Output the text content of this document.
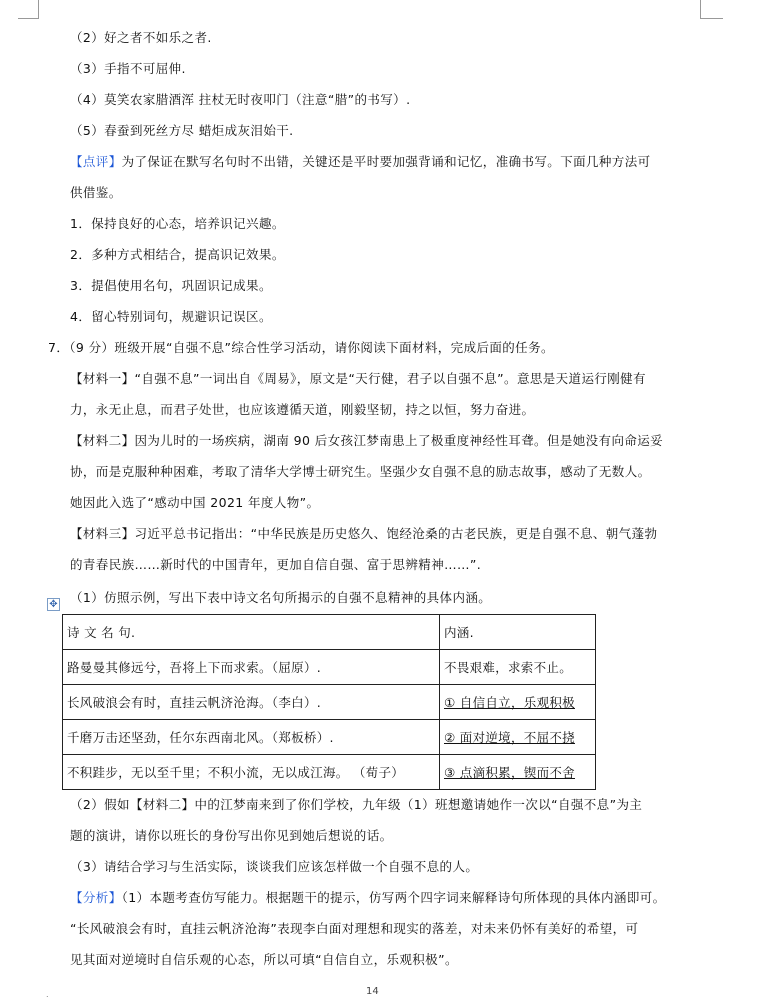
（2）好之者不如乐之者.
（3）手指不可屈伸.
（4）莫笑农家腊酒浑 拄杖无时夜叩门（注意“腊”的书写）.
（5）春蚕到死丝方尽 蜡炬成灰泪始干.
【点评】为了保证在默写名句时不出错，关键还是平时要加强背诵和记忆，准确书写。下面几种方法可
供借鉴。
1．保持良好的心态，培养识记兴趣。
2．多种方式相结合，提高识记效果。
3．提倡使用名句，巩固识记成果。
4．留心特别词句，规避识记误区。
7．（9 分）班级开展“自强不息”综合性学习活动，请你阅读下面材料，完成后面的任务。
【材料一】“自强不息”一词出自《周易》，原文是“天行健，君子以自强不息”。意思是天道运行刚健有
力，永无止息，而君子处世，也应该遵循天道，刚毅坚韧，持之以恒，努力奋进。
【材料二】因为儿时的一场疾病，湖南 90 后女孩江梦南患上了极重度神经性耳聋。但是她没有向命运妥
协，而是克服种种困难，考取了清华大学博士研究生。坚强少女自强不息的励志故事，感动了无数人。
她因此入选了“感动中国 2021 年度人物”。
【材料三】习近平总书记指出：“中华民族是历史悠久、饱经沧桑的古老民族，更是自强不息、朝气蓬勃
的青春民族……新时代的中国青年，更加自信自强、富于思辨精神……”.
✥ （1）仿照示例，写出下表中诗文名句所揭示的自强不息精神的具体内涵。
诗 文 名 句.	内涵.
路曼曼其修远兮，吾将上下而求索。（屈原）.	不畏艰难，求索不止。
长风破浪会有时，直挂云帆济沧海。（李白）.	① 自信自立，乐观积极
千磨万击还坚劲，任尔东西南北风。（郑板桥）.	② 面对逆境，不屈不挠
不积跬步，无以至千里；不积小流，无以成江海。 （荀子）	③ 点滴积累，锲而不舍
（2）假如【材料二】中的江梦南来到了你们学校，九年级（1）班想邀请她作一次以“自强不息”为主
题的演讲，请你以班长的身份写出你见到她后想说的话。
（3）请结合学习与生活实际，谈谈我们应该怎样做一个自强不息的人。
【分析】（1）本题考查仿写能力。根据题干的提示，仿写两个四字词来解释诗句所体现的具体内涵即可。
“长风破浪会有时，直挂云帆济沧海”表现李白面对理想和现实的落差，对未来仍怀有美好的希望，可
见其面对逆境时自信乐观的心态，所以可填“自信自立，乐观积极”。
.	14
